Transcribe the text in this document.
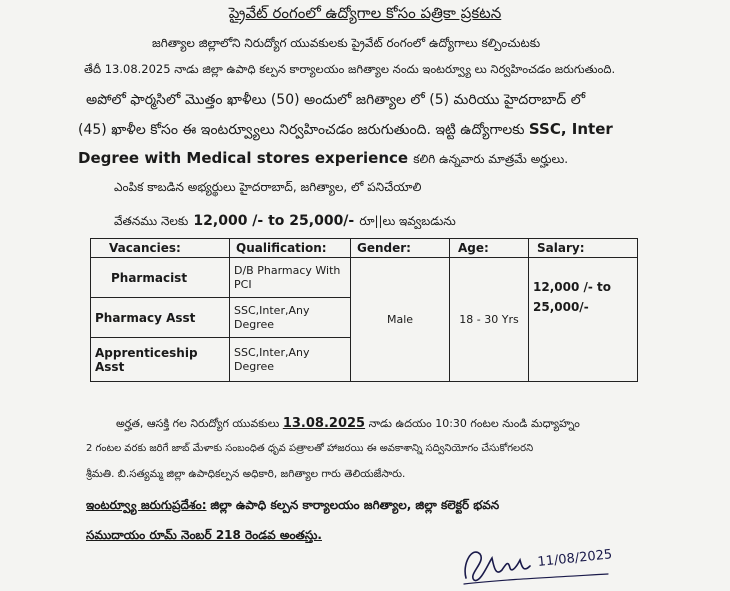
ప్రైవేట్ రంగంలో ఉద్యోగాల కోసం పత్రికా ప్రకటన
జగిత్యాల జిల్లాలోని నిరుద్యోగ యువకులకు ప్రైవేట్ రంగంలో ఉద్యోగాలు కల్పించుటకు
తేదీ 13.08.2025 నాడు జిల్లా ఉపాధి కల్పన కార్యాలయం జగిత్యాల నందు ఇంటర్వ్యూ లు నిర్వహించడం జరుగుతుంది.
అపోలో ఫార్మసిలో మొత్తం ఖాళీలు (50) అందులో జగిత్యాల లో (5) మరియు హైదరాబాద్ లో
(45) ఖాళీల కోసం ఈ ఇంటర్వ్యూలు నిర్వహించడం జరుగుతుంది. ఇట్టి ఉద్యోగాలకు SSC, Inter
Degree with Medical stores experience కలిగి ఉన్నవారు మాత్రమే అర్హులు.
ఎంపిక కాబడిన అభ్యర్థులు హైదరాబాద్, జగిత్యాల, లో పనిచేయాలి
వేతనము నెలకు 12,000 /- to 25,000/- రూ||లు ఇవ్వబడును
Vacancies:	Qualification:	Gender:	Age:	Salary:
Pharmacist	D/B Pharmacy With PCI	Male	18 - 30 Yrs	12,000 /- to
25,000/-

Pharmacy Asst	SSC,Inter,Any Degree			
Apprenticeship Asst	SSC,Inter,Any Degree			
అర్హత, ఆసక్తి గల నిరుద్యోగ యువకులు 13.08.2025 నాడు ఉదయం 10:30 గంటల నుండి మధ్యాహ్నం
2 గంటల వరకు జరిగే జాబ్ మేళాకు సంబంధిత ధృవ పత్రాలతో హాజరయి ఈ అవకాశాన్ని సద్వినియోగం చేసుకోగలరని
శ్రీమతి. బి.సత్యమ్మ జిల్లా ఉపాధికల్పన అధికారి, జగిత్యాల గారు తెలియజేసారు.
ఇంటర్వ్యూ జరుగుప్రదేశం: జిల్లా ఉపాధి కల్పన కార్యాలయం జగిత్యాల, జిల్లా కలెక్టర్ భవన
సముదాయం రూమ్ నెంబర్ 218 రెండవ అంతస్తు.
11/08/2025
